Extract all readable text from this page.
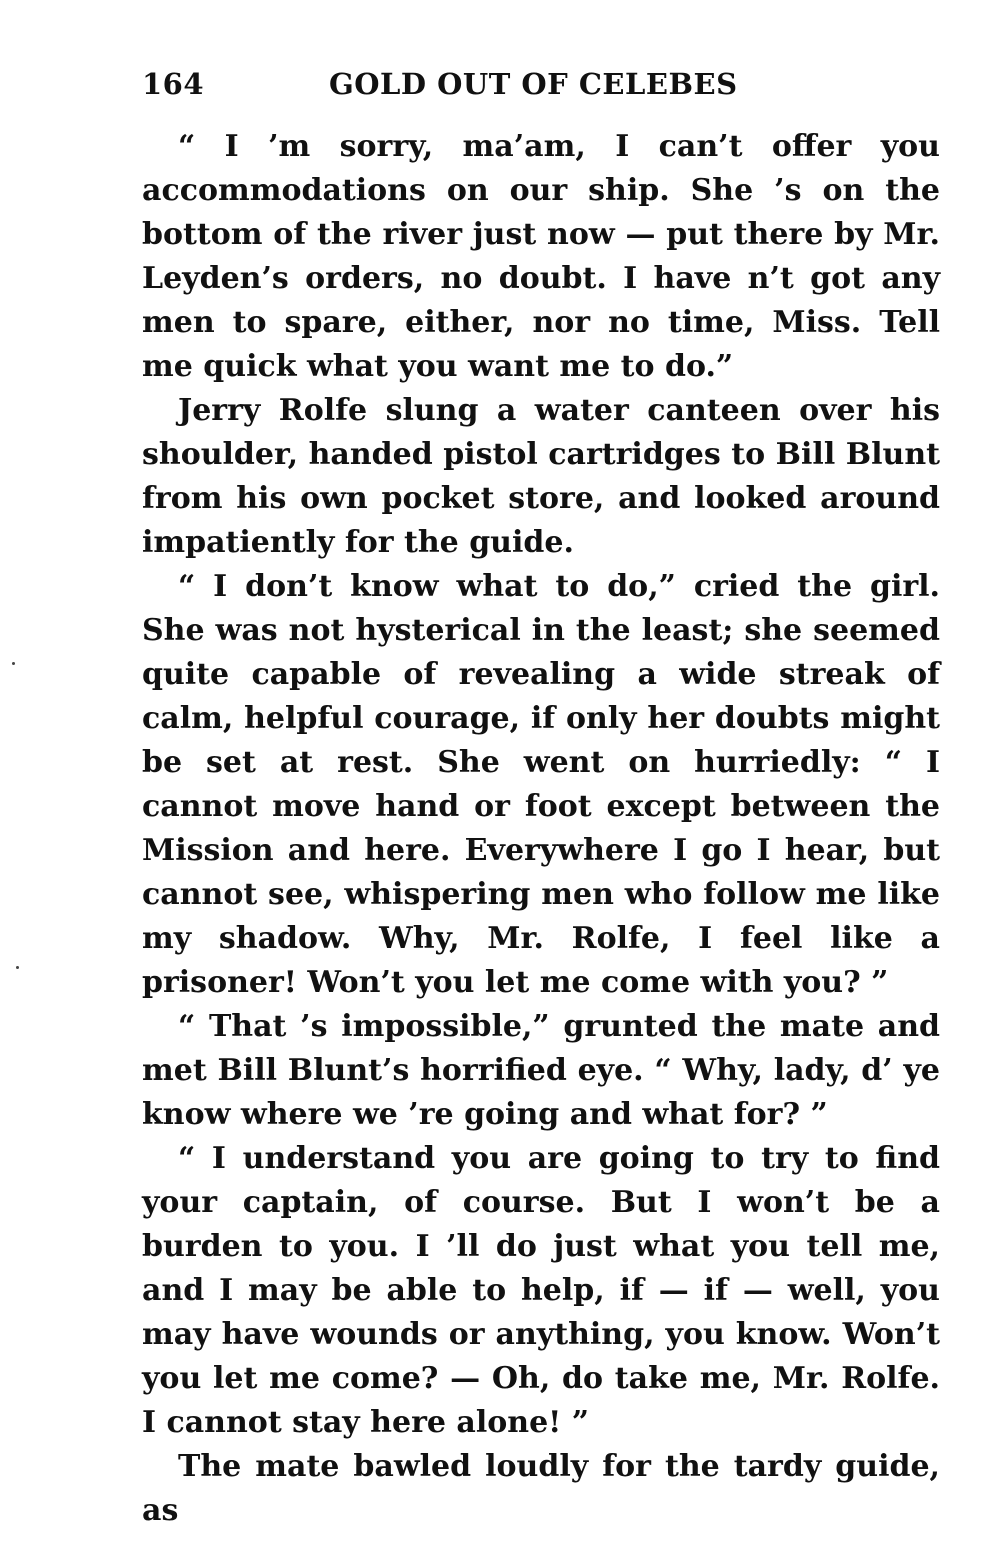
164	GOLD OUT OF CELEBES

“ I ’m sorry, ma’am, I can’t offer you accommodations on our ship. She ’s on the bottom of the river just now — put there by Mr. Leyden’s orders, no doubt. I have n’t got any men to spare, either, nor no time, Miss. Tell me quick what you want me to do.”

Jerry Rolfe slung a water canteen over his shoulder, handed pistol cartridges to Bill Blunt from his own pocket store, and looked around impatiently for the guide.

“ I don’t know what to do,” cried the girl. She was not hysterical in the least; she seemed quite capable of revealing a wide streak of calm, helpful courage, if only her doubts might be set at rest. She went on hurriedly: “ I cannot move hand or foot except between the Mission and here. Everywhere I go I hear, but cannot see, whispering men who follow me like my shadow. Why, Mr. Rolfe, I feel like a prisoner! Won’t you let me come with you? ”

“ That ’s impossible,” grunted the mate and met Bill Blunt’s horrified eye. “ Why, lady, d’ ye know where we ’re going and what for? ”

“ I understand you are going to try to find your captain, of course. But I won’t be a burden to you. I ’ll do just what you tell me, and I may be able to help, if — if — well, you may have wounds or anything, you know. Won’t you let me come? — Oh, do take me, Mr. Rolfe. I cannot stay here alone! ”

The mate bawled loudly for the tardy guide, as
